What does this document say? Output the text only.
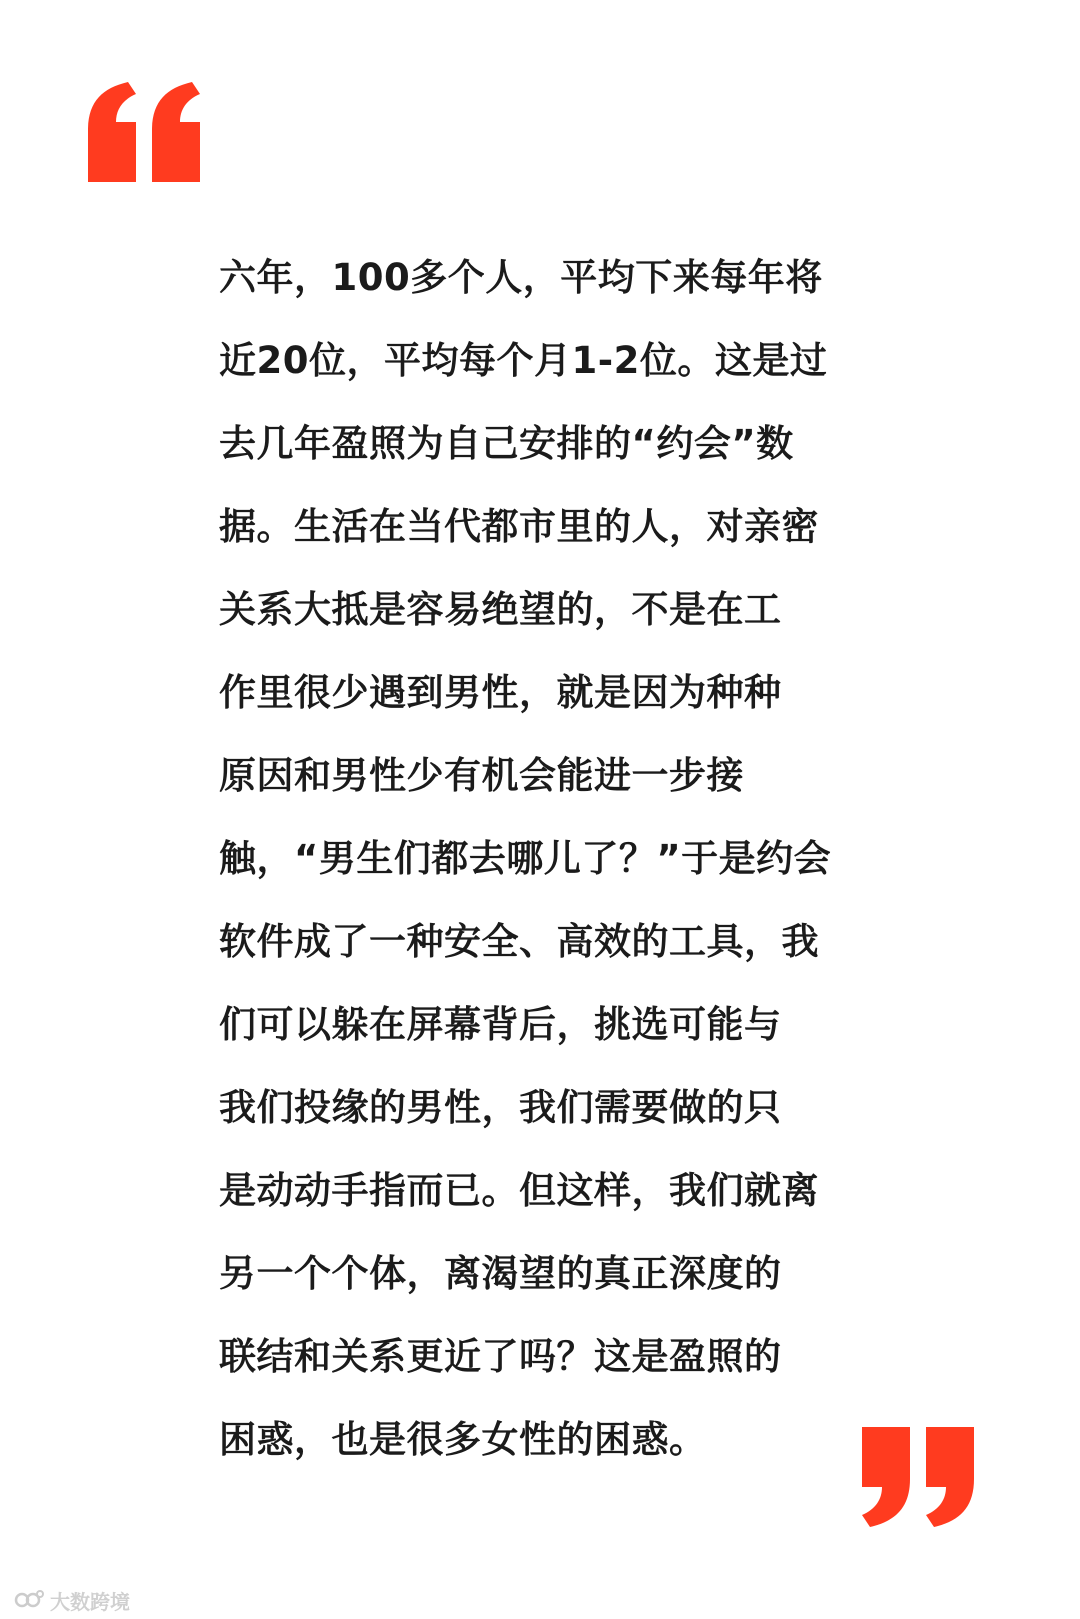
六年，100多个人，平均下来每年将
近20位，平均每个月1-2位。这是过
去几年盈照为自己安排的“约会”数
据。生活在当代都市里的人，对亲密
关系大抵是容易绝望的，不是在工
作里很少遇到男性，就是因为种种
原因和男性少有机会能进一步接
触，“男生们都去哪儿了？”于是约会
软件成了一种安全、高效的工具，我
们可以躲在屏幕背后，挑选可能与
我们投缘的男性，我们需要做的只
是动动手指而已。但这样，我们就离
另一个个体，离渴望的真正深度的
联结和关系更近了吗？这是盈照的
困惑，也是很多女性的困惑。
大数跨境
